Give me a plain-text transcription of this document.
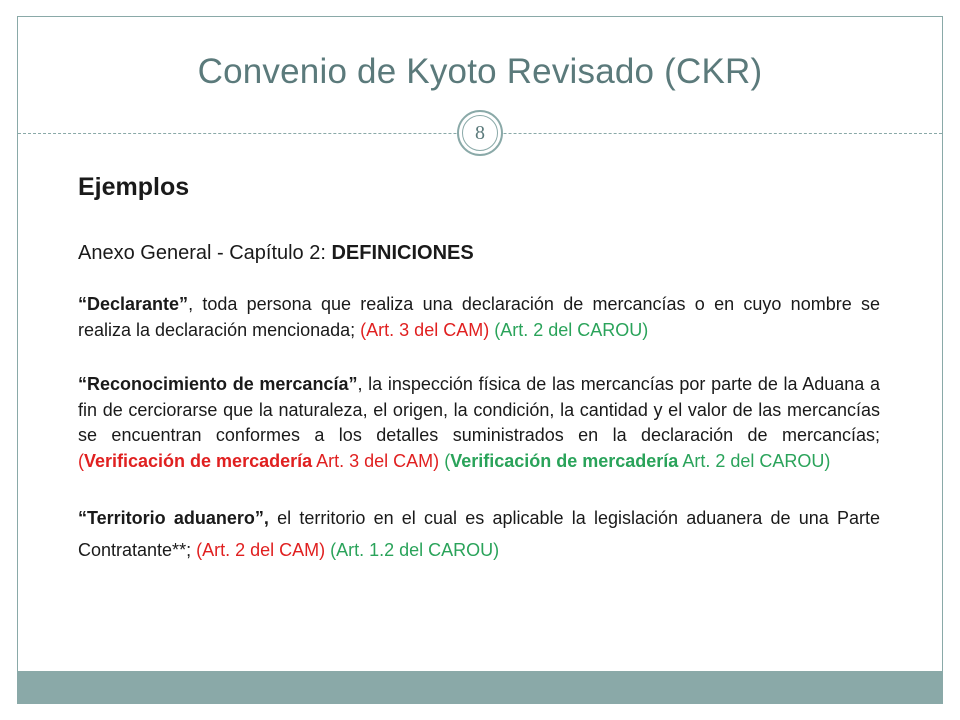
Convenio de Kyoto Revisado (CKR)
8
Ejemplos
Anexo General - Capítulo 2: DEFINICIONES

“Declarante”, toda persona que realiza una declaración de mercancías o en cuyo nombre se realiza la declaración mencionada; (Art. 3 del CAM) (Art. 2 del CAROU)

“Reconocimiento de mercancía”, la inspección física de las mercancías por parte de la Aduana a fin de cerciorarse que la naturaleza, el origen, la condición, la cantidad y el valor de las mercancías se encuentran conformes a los detalles suministrados en la declaración de mercancías; (Verificación de mercadería Art. 3 del CAM) (Verificación de mercadería Art. 2 del CAROU)

“Territorio aduanero”, el territorio en el cual es aplicable la legislación aduanera de una Parte Contratante**; (Art. 2 del CAM) (Art. 1.2 del CAROU)
